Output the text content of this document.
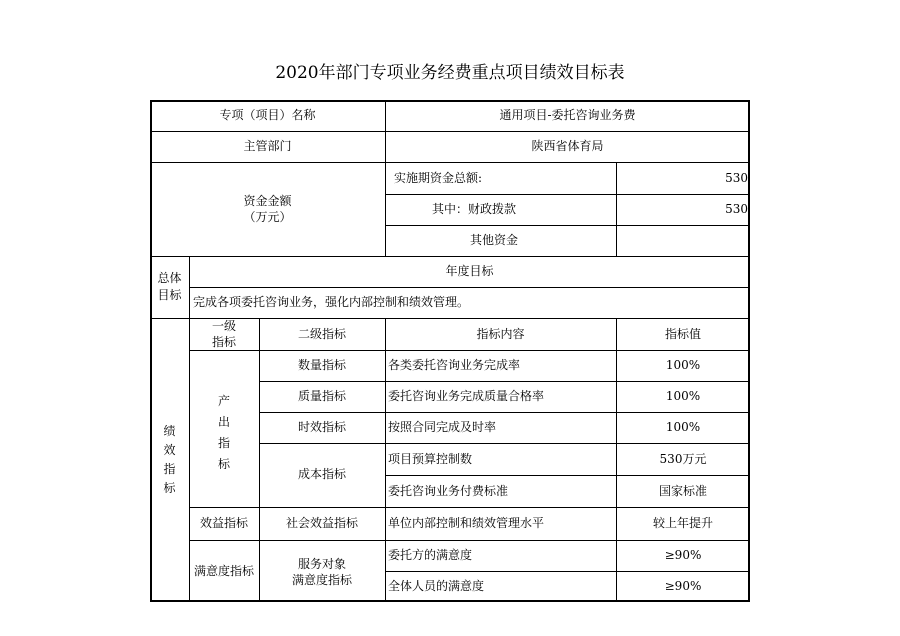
2020年部门专项业务经费重点项目绩效目标表
专项（项目）名称	通用项目-委托咨询业务费
主管部门	陕西省体育局
资金金额
（万元）
实施期资金总额:	530
其中：财政拨款	530
其他资金
总体
目标
年度目标
完成各项委托咨询业务，强化内部控制和绩效管理。
绩
效
指
标
一级
指标
二级指标	指标内容	指标值
产
出
指
标
数量指标	各类委托咨询业务完成率	100%
质量指标	委托咨询业务完成质量合格率	100%
时效指标	按照合同完成及时率	100%
成本指标
项目预算控制数	530万元
委托咨询业务付费标准	国家标准
效益指标	社会效益指标	单位内部控制和绩效管理水平	较上年提升
满意度指标	服务对象
满意度指标
委托方的满意度	≥90%
全体人员的满意度	≥90%
